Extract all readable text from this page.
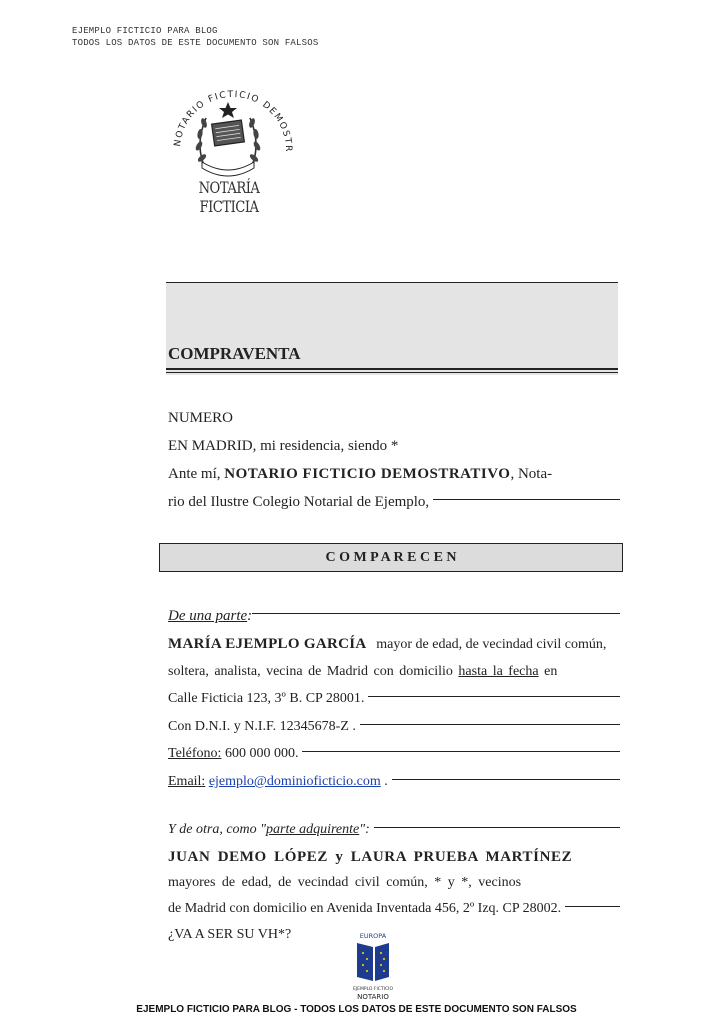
EJEMPLO FICTICIO PARA BLOG
TODOS LOS DATOS DE ESTE DOCUMENTO SON FALSOS
NOTARIO FICTICIO DEMOSTR
NOTARÍA FICTICIA
COMPRAVENTA
NUMERO
EN MADRID, mi residencia, siendo *
Ante mí, NOTARIO FICTICIO DEMOSTRATIVO, Nota-
rio del Ilustre Colegio Notarial de Ejemplo,
C O M P A R E C E N
De una parte :
MARÍA EJEMPLO GARCÍA mayor de edad, de vecindad civil común,
soltera, analista, vecina de Madrid con domicilio hasta la fecha en
Calle Ficticia 123, 3º B. CP 28001.
Con D.N.I. y N.I.F. 12345678-Z .
Teléfono:
600 000 000.
Email:
ejemplo@dominioficticio.com
.
Y de otra, como " parte adquirente ":
JUAN DEMO LÓPEZ y LAURA PRUEBA MARTÍNEZ
mayores de edad, de vecindad civil común, * y *, vecinos
de Madrid con domicilio en Avenida Inventada 456, 2º Izq. CP 28002.
¿VA A SER SU VH*?	EUROPA
EJEMPLO FICTICIO
NOTARIO
EJEMPLO FICTICIO PARA BLOG - TODOS LOS DATOS DE ESTE DOCUMENTO SON FALSOS
